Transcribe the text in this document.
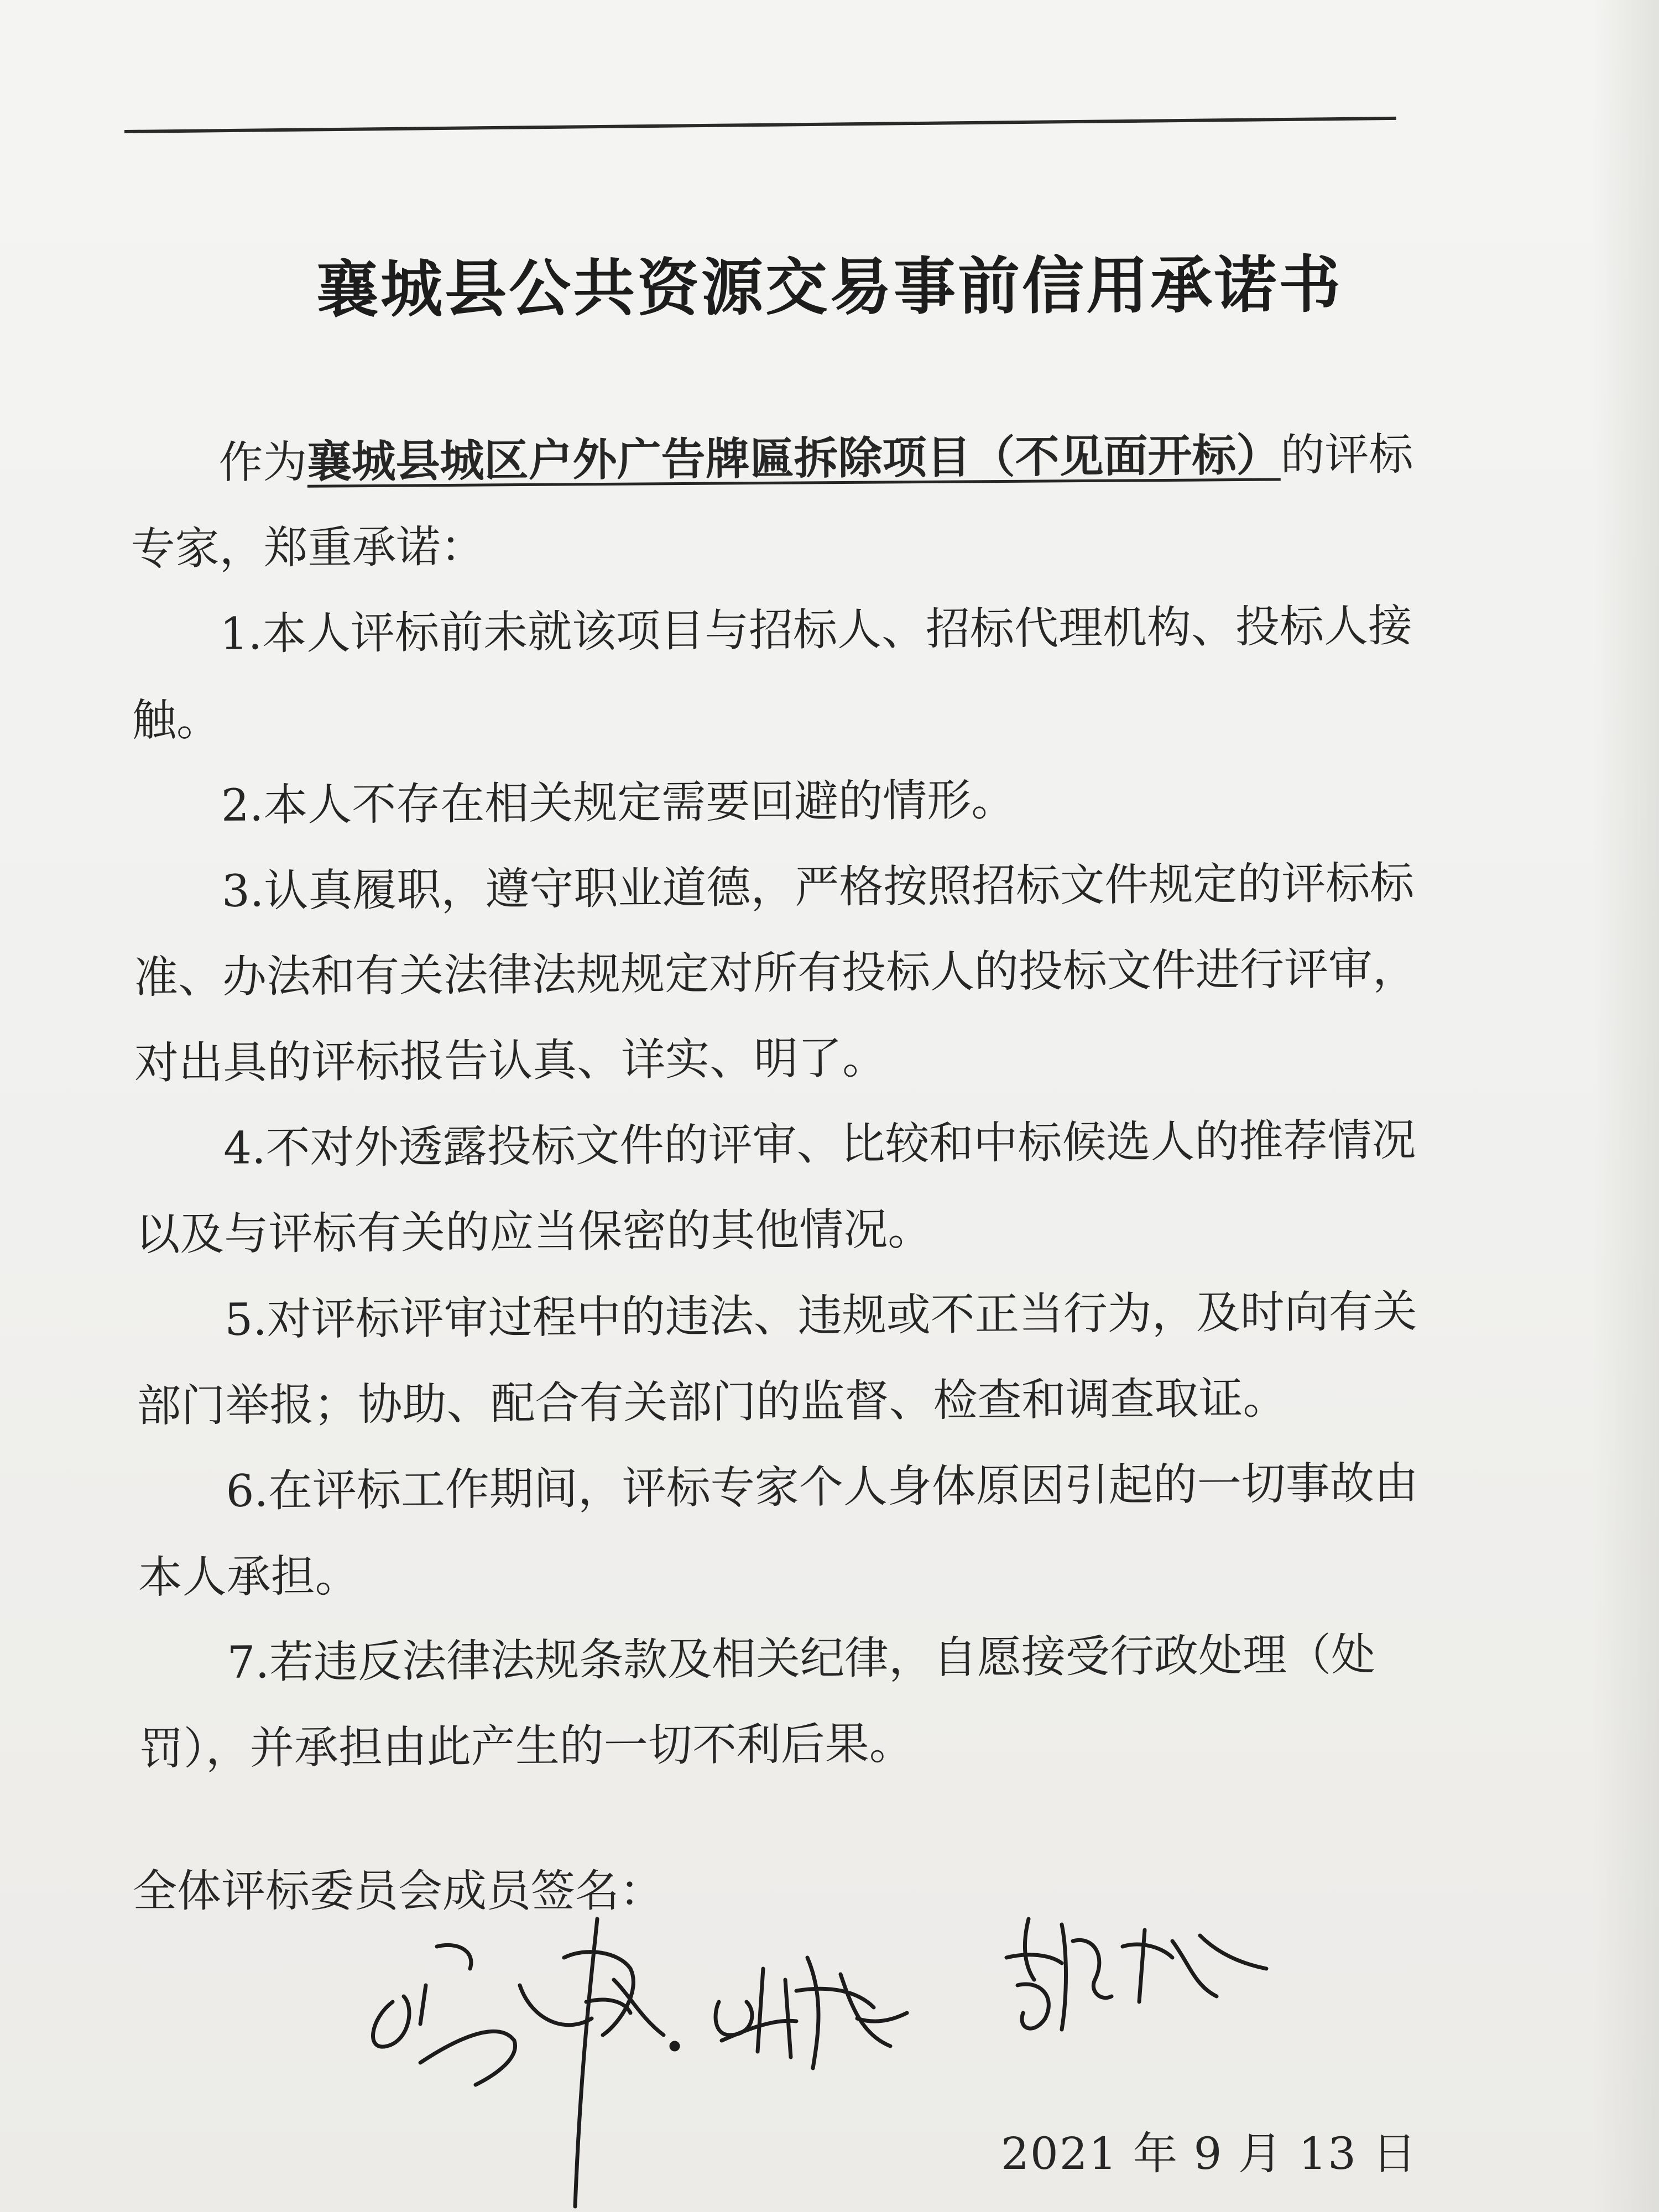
襄城县公共资源交易事前信用承诺书

作为襄城县城区户外广告牌匾拆除项目（不见面开标）的评标专家，郑重承诺：

1.本人评标前未就该项目与招标人、招标代理机构、投标人接触。

2.本人不存在相关规定需要回避的情形。

3.认真履职，遵守职业道德，严格按照招标文件规定的评标标准、办法和有关法律法规规定对所有投标人的投标文件进行评审，对出具的评标报告认真、详实、明了。

4.不对外透露投标文件的评审、比较和中标候选人的推荐情况以及与评标有关的应当保密的其他情况。

5.对评标评审过程中的违法、违规或不正当行为，及时向有关部门举报；协助、配合有关部门的监督、检查和调查取证。

6.在评标工作期间，评标专家个人身体原因引起的一切事故由本人承担。

7.若违反法律法规条款及相关纪律，自愿接受行政处理（处罚），并承担由此产生的一切不利后果。

全体评标委员会成员签名：
2021 年 9 月 13 日
